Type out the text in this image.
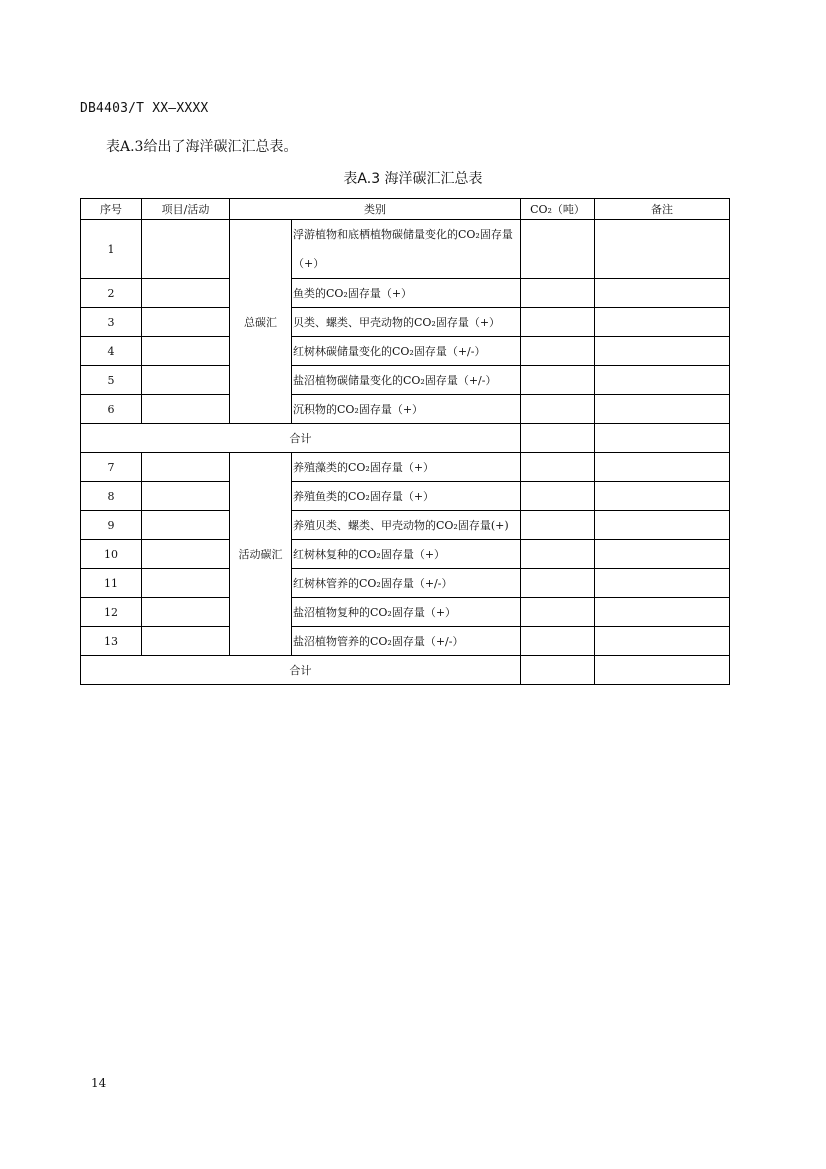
DB4403/T XX—XXXX
表A.3给出了海洋碳汇汇总表。
表A.3 海洋碳汇汇总表
序号	项目/活动	类别		CO₂（吨）	备注
1		总碳汇	浮游植物和底栖植物碳储量变化的CO₂固存量（+）		
2			鱼类的CO₂固存量（+）		
3			贝类、螺类、甲壳动物的CO₂固存量（+）		
4			红树林碳储量变化的CO₂固存量（+/-）		
5			盐沼植物碳储量变化的CO₂固存量（+/-）		
6			沉积物的CO₂固存量（+）		
合计					
7		活动碳汇	养殖藻类的CO₂固存量（+）		
8			养殖鱼类的CO₂固存量（+）		
9			养殖贝类、螺类、甲壳动物的CO₂固存量(+)		
10			红树林复种的CO₂固存量（+）		
11			红树林管养的CO₂固存量（+/-）		
12			盐沼植物复种的CO₂固存量（+）		
13			盐沼植物管养的CO₂固存量（+/-）		
合计					
14
